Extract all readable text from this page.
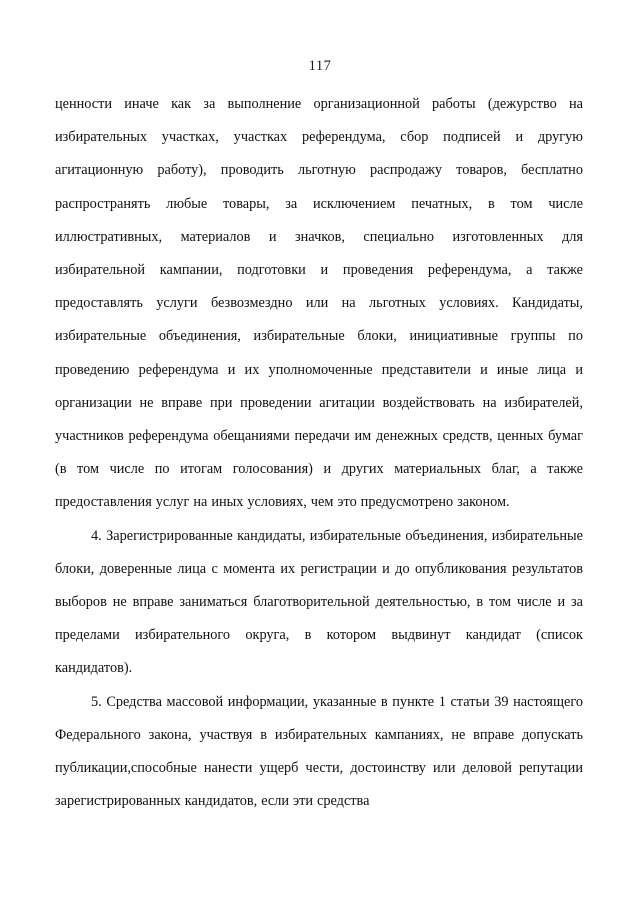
117

ценности иначе как за выполнение организационной работы (дежурство на избирательных участках, участках референдума, сбор подписей и другую агитационную работу), проводить льготную распродажу товаров, бесплатно распространять любые товары, за исключением печатных, в том числе иллюстративных, материалов и значков, специально изготовленных для избирательной кампании, подготовки и проведения референдума, а также предоставлять услуги безвозмездно или на льготных условиях. Кандидаты, избирательные объединения, избирательные блоки, инициативные группы по проведению референдума и их уполномоченные представители и иные лица и организации не вправе при проведении агитации воздействовать на избирателей, участников референдума обещаниями передачи им денежных средств, ценных бумаг (в том числе по итогам голосования) и других материальных благ, а также предоставления услуг на иных условиях, чем это предусмотрено законом.

4. Зарегистрированные кандидаты, избирательные объединения, избирательные блоки, доверенные лица с момента их регистрации и до опубликования результатов выборов не вправе заниматься благотворительной деятельностью, в том числе и за пределами избирательного округа, в котором выдвинут кандидат (список кандидатов).

5. Средства массовой информации, указанные в пункте 1 статьи 39 настоящего Федерального закона, участвуя в избирательных кампаниях, не вправе допускать публикации,способные нанести ущерб чести, достоинству или деловой репутации зарегистрированных кандидатов, если эти средства
